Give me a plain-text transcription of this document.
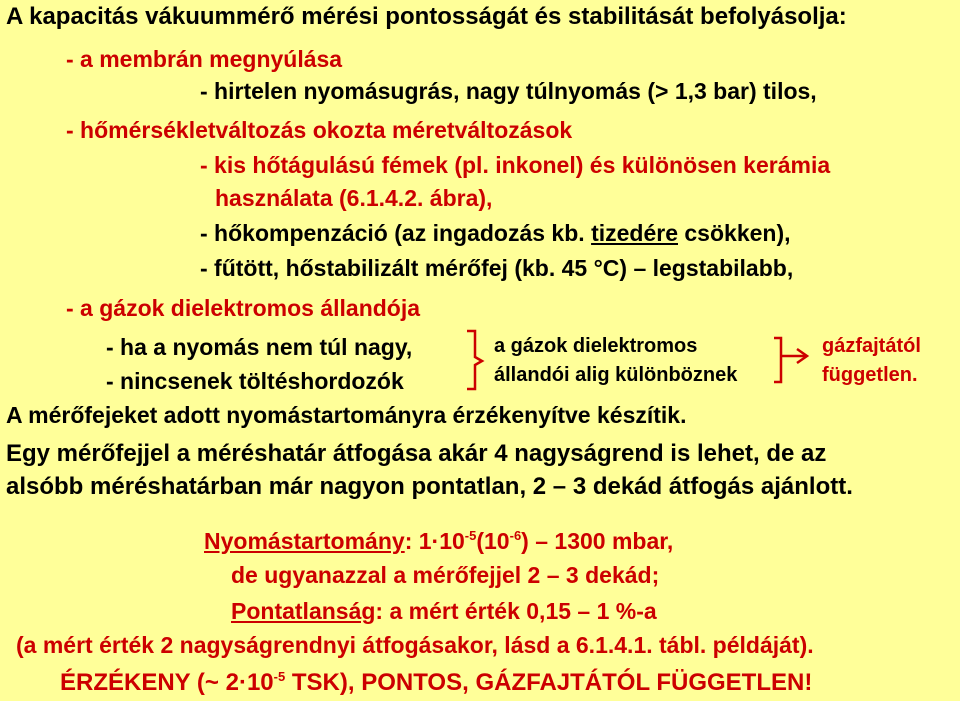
A kapacitás vákuummérő mérési pontosságát és stabilitását befolyásolja:
- a membrán megnyúlása
- hirtelen nyomásugrás, nagy túlnyomás (> 1,3 bar) tilos,
- hőmérsékletváltozás okozta méretváltozások
- kis hőtágulású fémek (pl. inkonel) és különösen kerámia
használata (6.1.4.2. ábra),
- hőkompenzáció (az ingadozás kb. tizedére csökken),
- fűtött, hőstabilizált mérőfej (kb. 45 °C) – legstabilabb,
- a gázok dielektromos állandója
- ha a nyomás nem túl nagy,
- nincsenek töltéshordozók
a gázok dielektromos
állandói alig különböznek
gázfajtától
független.
A mérőfejeket adott nyomástartományra érzékenyítve készítik.
Egy mérőfejjel a méréshatár átfogása akár 4 nagyságrend is lehet, de az
alsóbb méréshatárban már nagyon pontatlan, 2 – 3 dekád átfogás ajánlott.
Nyomástartomány: $1\cdot 10^{-5}(10^{-6}) - 1300$ mbar,
de ugyanazzal a mérőfejjel 2 – 3 dekád;
Pontatlanság: a mért érték 0,15 – 1 %-a
(a mért érték 2 nagyságrendnyi átfogásakor, lásd a 6.1.4.1. tábl. példáját).
ÉRZÉKENY (~ $2\cdot 10^{-5}$ TSK), PONTOS, GÁZFAJTÁTÓL FÜGGETLEN!
